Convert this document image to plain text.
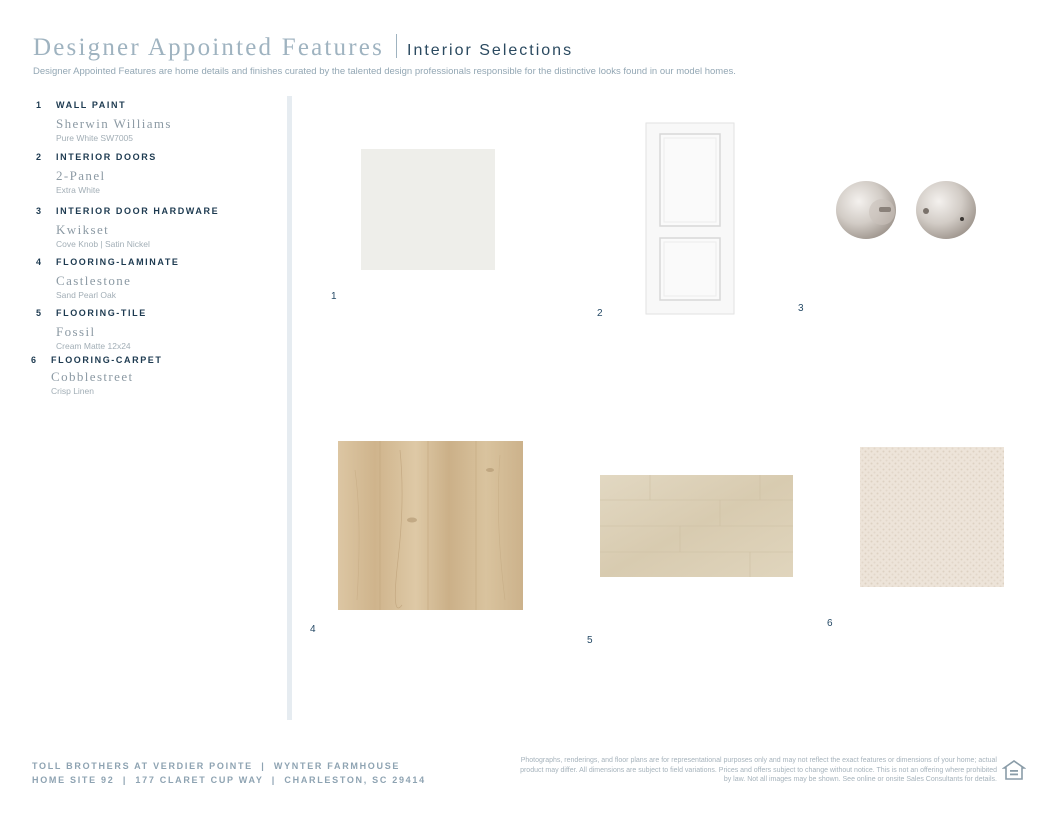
Designer Appointed Features Interior Selections
Designer Appointed Features are home details and finishes curated by the talented design professionals responsible for the distinctive looks found in our model homes.
1 WALL PAINT
Sherwin Williams
Pure White SW7005
2 INTERIOR DOORS
2-Panel
Extra White
3 INTERIOR DOOR HARDWARE
Kwikset
Cove Knob | Satin Nickel
4 FLOORING-LAMINATE
Castlestone
Sand Pearl Oak
5 FLOORING-TILE
Fossil
Cream Matte 12x24
6 FLOORING-CARPET
Cobblestreet
Crisp Linen
1
2	3
4
5
6
TOLL BROTHERS AT VERDIER POINTE  |  WYNTER FARMHOUSE
HOME SITE 92  |  177 CLARET CUP WAY  |  CHARLESTON, SC 29414
Photographs, renderings, and floor plans are for representational purposes only and may not reflect the exact features or dimensions of your home; actual product may differ. All dimensions are subject to field variations. Prices and offers subject to change without notice. This is not an offering where prohibited by law. Not all images may be shown. See online or onsite Sales Consultants for details.
